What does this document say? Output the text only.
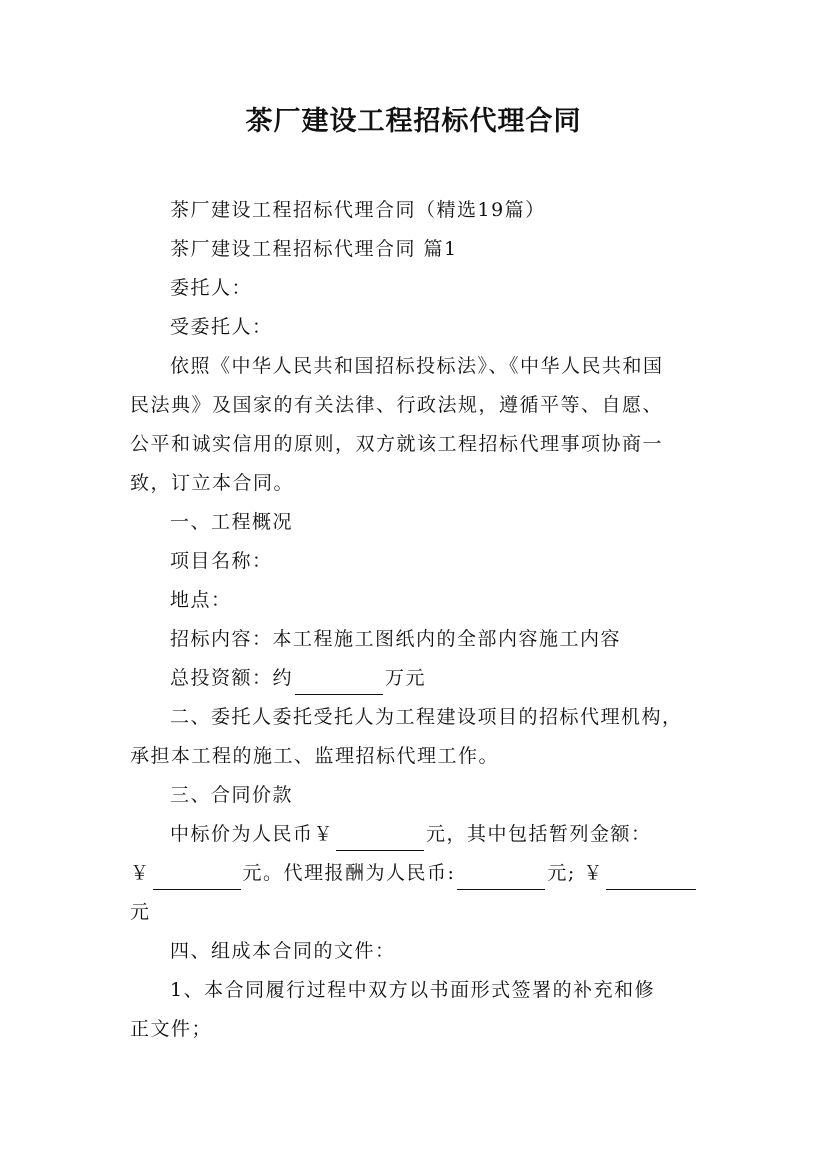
茶厂建设工程招标代理合同
茶厂建设工程招标代理合同（精选19篇）
茶厂建设工程招标代理合同 篇1
委托人：
受委托人：
依照《中华人民共和国招标投标法》、《中华人民共和国
民法典》及国家的有关法律、行政法规，遵循平等、自愿、
公平和诚实信用的原则，双方就该工程招标代理事项协商一
致，订立本合同。
一、工程概况
项目名称：
地点：
招标内容：本工程施工图纸内的全部内容施工内容
总投资额：约	万元
二、委托人委托受托人为工程建设项目的招标代理机构，
承担本工程的施工、监理招标代理工作。
三、合同价款
中标价为人民币￥	元，其中包括暂列金额：
￥	元。代理报酬为人民币:	元; ￥
元
四、组成本合同的文件：
1、本合同履行过程中双方以书面形式签署的补充和修
正文件；
